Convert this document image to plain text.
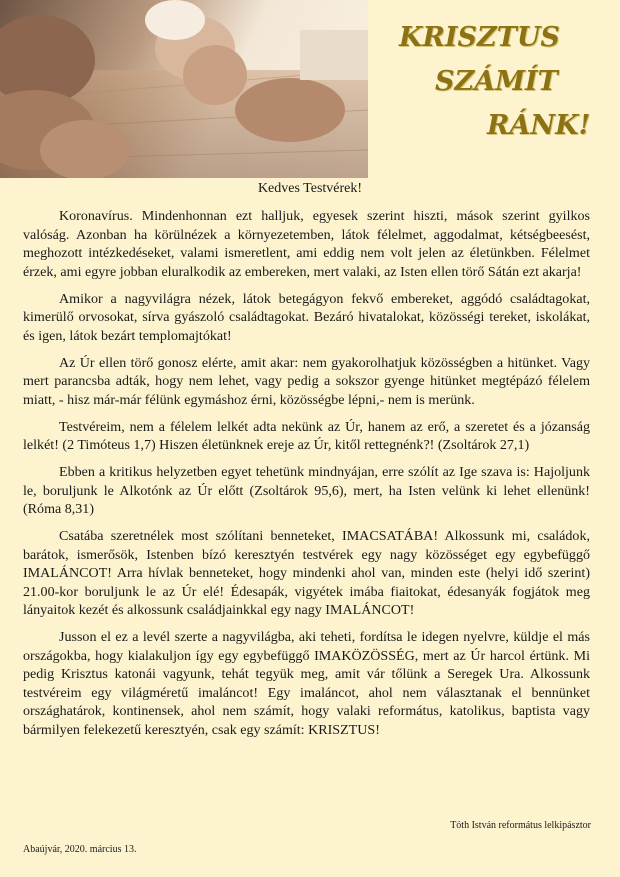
KRISZTUS
SZÁMÍT
RÁNK!
Kedves Testvérek!

Koronavírus. Mindenhonnan ezt halljuk, egyesek szerint hiszti, mások szerint gyilkos valóság. Azonban ha körülnézek a környezetemben, látok félelmet, aggodalmat, kétségbeesést, meghozott intézkedéseket, valami ismeretlent, ami eddig nem volt jelen az életünkben. Félelmet érzek, ami egyre jobban eluralkodik az embereken, mert valaki, az Isten ellen törő Sátán ezt akarja!

Amikor a nagyvilágra nézek, látok betegágyon fekvő embereket, aggódó családtagokat, kimerülő orvosokat, sírva gyászoló családtagokat. Bezáró hivatalokat, közösségi tereket, iskolákat, és igen, látok bezárt templomajtókat!

Az Úr ellen törő gonosz elérte, amit akar: nem gyakorolhatjuk közösségben a hitünket. Vagy mert parancsba adták, hogy nem lehet, vagy pedig a sokszor gyenge hitünket megtépázó félelem miatt, - hisz már-már félünk egymáshoz érni, közösségbe lépni,- nem is merünk.

Testvéreim, nem a félelem lelkét adta nekünk az Úr, hanem az erő, a szeretet és a józanság lelkét! (2 Timóteus 1,7) Hiszen életünknek ereje az Úr, kitől rettegnénk?! (Zsoltárok 27,1)

Ebben a kritikus helyzetben egyet tehetünk mindnyájan, erre szólít az Ige szava is: Hajoljunk le, boruljunk le Alkotónk az Úr előtt (Zsoltárok 95,6), mert, ha Isten velünk ki lehet ellenünk! (Róma 8,31)

Csatába szeretnélek most szólítani benneteket, IMACSATÁBA! Alkossunk mi, családok, barátok, ismerősök, Istenben bízó keresztyén testvérek egy nagy közösséget egy egybefüggő IMALÁNCOT! Arra hívlak benneteket, hogy mindenki ahol van, minden este (helyi idő szerint) 21.00-kor boruljunk le az Úr elé! Édesapák, vigyétek imába fiaitokat, édesanyák fogjátok meg lányaitok kezét és alkossunk családjainkkal egy nagy IMALÁNCOT!

Jusson el ez a levél szerte a nagyvilágba, aki teheti, fordítsa le idegen nyelvre, küldje el más országokba, hogy kialakuljon így egy egybefüggő IMAKÖZÖSSÉG, mert az Úr harcol értünk. Mi pedig Krisztus katonái vagyunk, tehát tegyük meg, amit vár tőlünk a Seregek Ura. Alkossunk testvéreim egy világméretű imaláncot! Egy imaláncot, ahol nem választanak el bennünket országhatárok, kontinensek, ahol nem számít, hogy valaki református, katolikus, baptista vagy bármilyen felekezetű keresztyén, csak egy számít: KRISZTUS!

Tóth István református lelkipásztor
Abaújvár, 2020. március 13.
